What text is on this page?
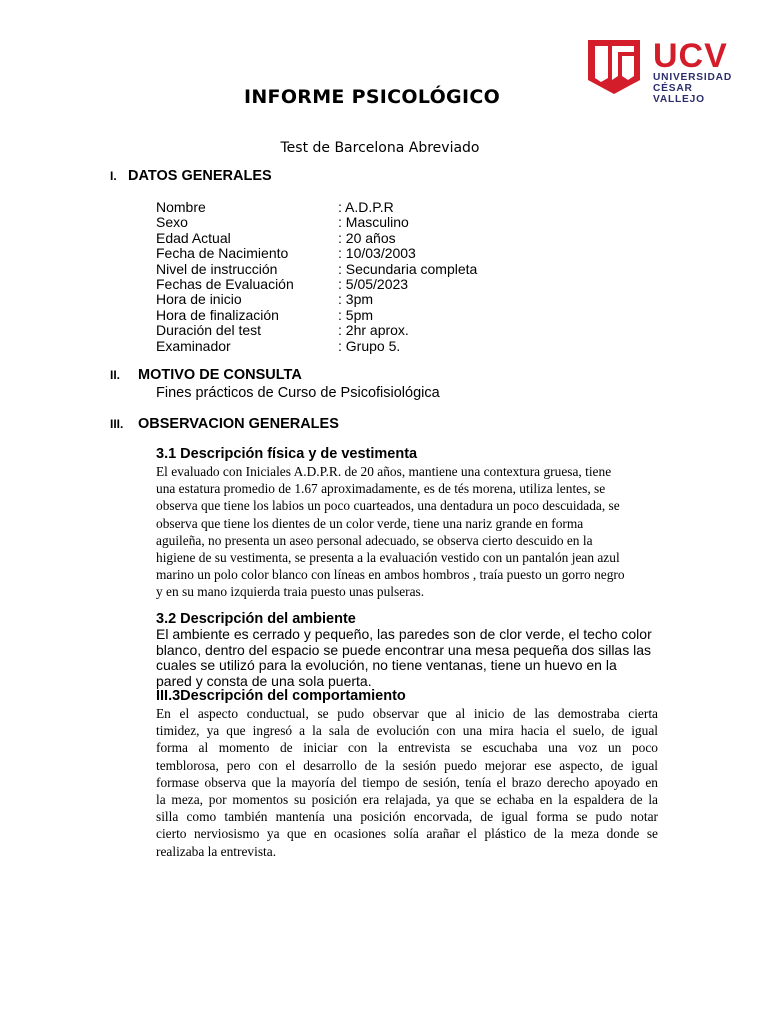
UCV
UNIVERSIDAD
CÉSAR VALLEJO
INFORME PSICOLÓGICO
Test de Barcelona Abreviado
I. DATOS GENERALES
Nombre	: A.D.P.R
Sexo	: Masculino
Edad Actual	: 20 años
Fecha de Nacimiento	: 10/03/2003
Nivel de instrucción	: Secundaria completa
Fechas de Evaluación	: 5/05/2023
Hora de inicio	: 3pm
Hora de finalización	: 5pm
Duración del test	: 2hr aprox.
Examinador	: Grupo 5.
II. MOTIVO DE CONSULTA
Fines prácticos de Curso de Psicofisiológica
III. OBSERVACION GENERALES
3.1 Descripción física y de vestimenta
El evaluado con Iniciales A.D.P.R. de 20 años, mantiene una contextura gruesa, tiene
una estatura promedio de 1.67 aproximadamente, es de tés morena, utiliza lentes, se
observa que tiene los labios un poco cuarteados, una dentadura un poco descuidada, se
observa que tiene los dientes de un color verde, tiene una nariz grande en forma
aguileña, no presenta un aseo personal adecuado, se observa cierto descuido en la
higiene de su vestimenta, se presenta a la evaluación vestido con un pantalón jean azul
marino un polo color blanco con líneas en ambos hombros , traía puesto un gorro negro
y en su mano izquierda traia puesto unas pulseras.
3.2 Descripción del ambiente
El ambiente es cerrado y pequeño, las paredes son de clor verde, el techo color
blanco, dentro del espacio se puede encontrar una mesa pequeña dos sillas las
cuales se utilizó para la evolución, no tiene ventanas, tiene un huevo en la
pared y consta de una sola puerta.
III.3Descripción del comportamiento
En el aspecto conductual, se pudo observar que al inicio de las demostraba cierta
timidez, ya que ingresó a la sala de evolución con una mira hacia el suelo, de igual
forma al momento de iniciar con la entrevista se escuchaba una voz un poco
temblorosa, pero con el desarrollo de la sesión puedo mejorar ese aspecto, de igual
formase observa que la mayoría del tiempo de sesión, tenía el brazo derecho apoyado en
la meza, por momentos su posición era relajada, ya que se echaba en la espaldera de la
silla como también mantenía una posición encorvada, de igual forma se pudo notar
cierto nerviosismo ya que en ocasiones solía arañar el plástico de la meza donde se
realizaba la entrevista.
